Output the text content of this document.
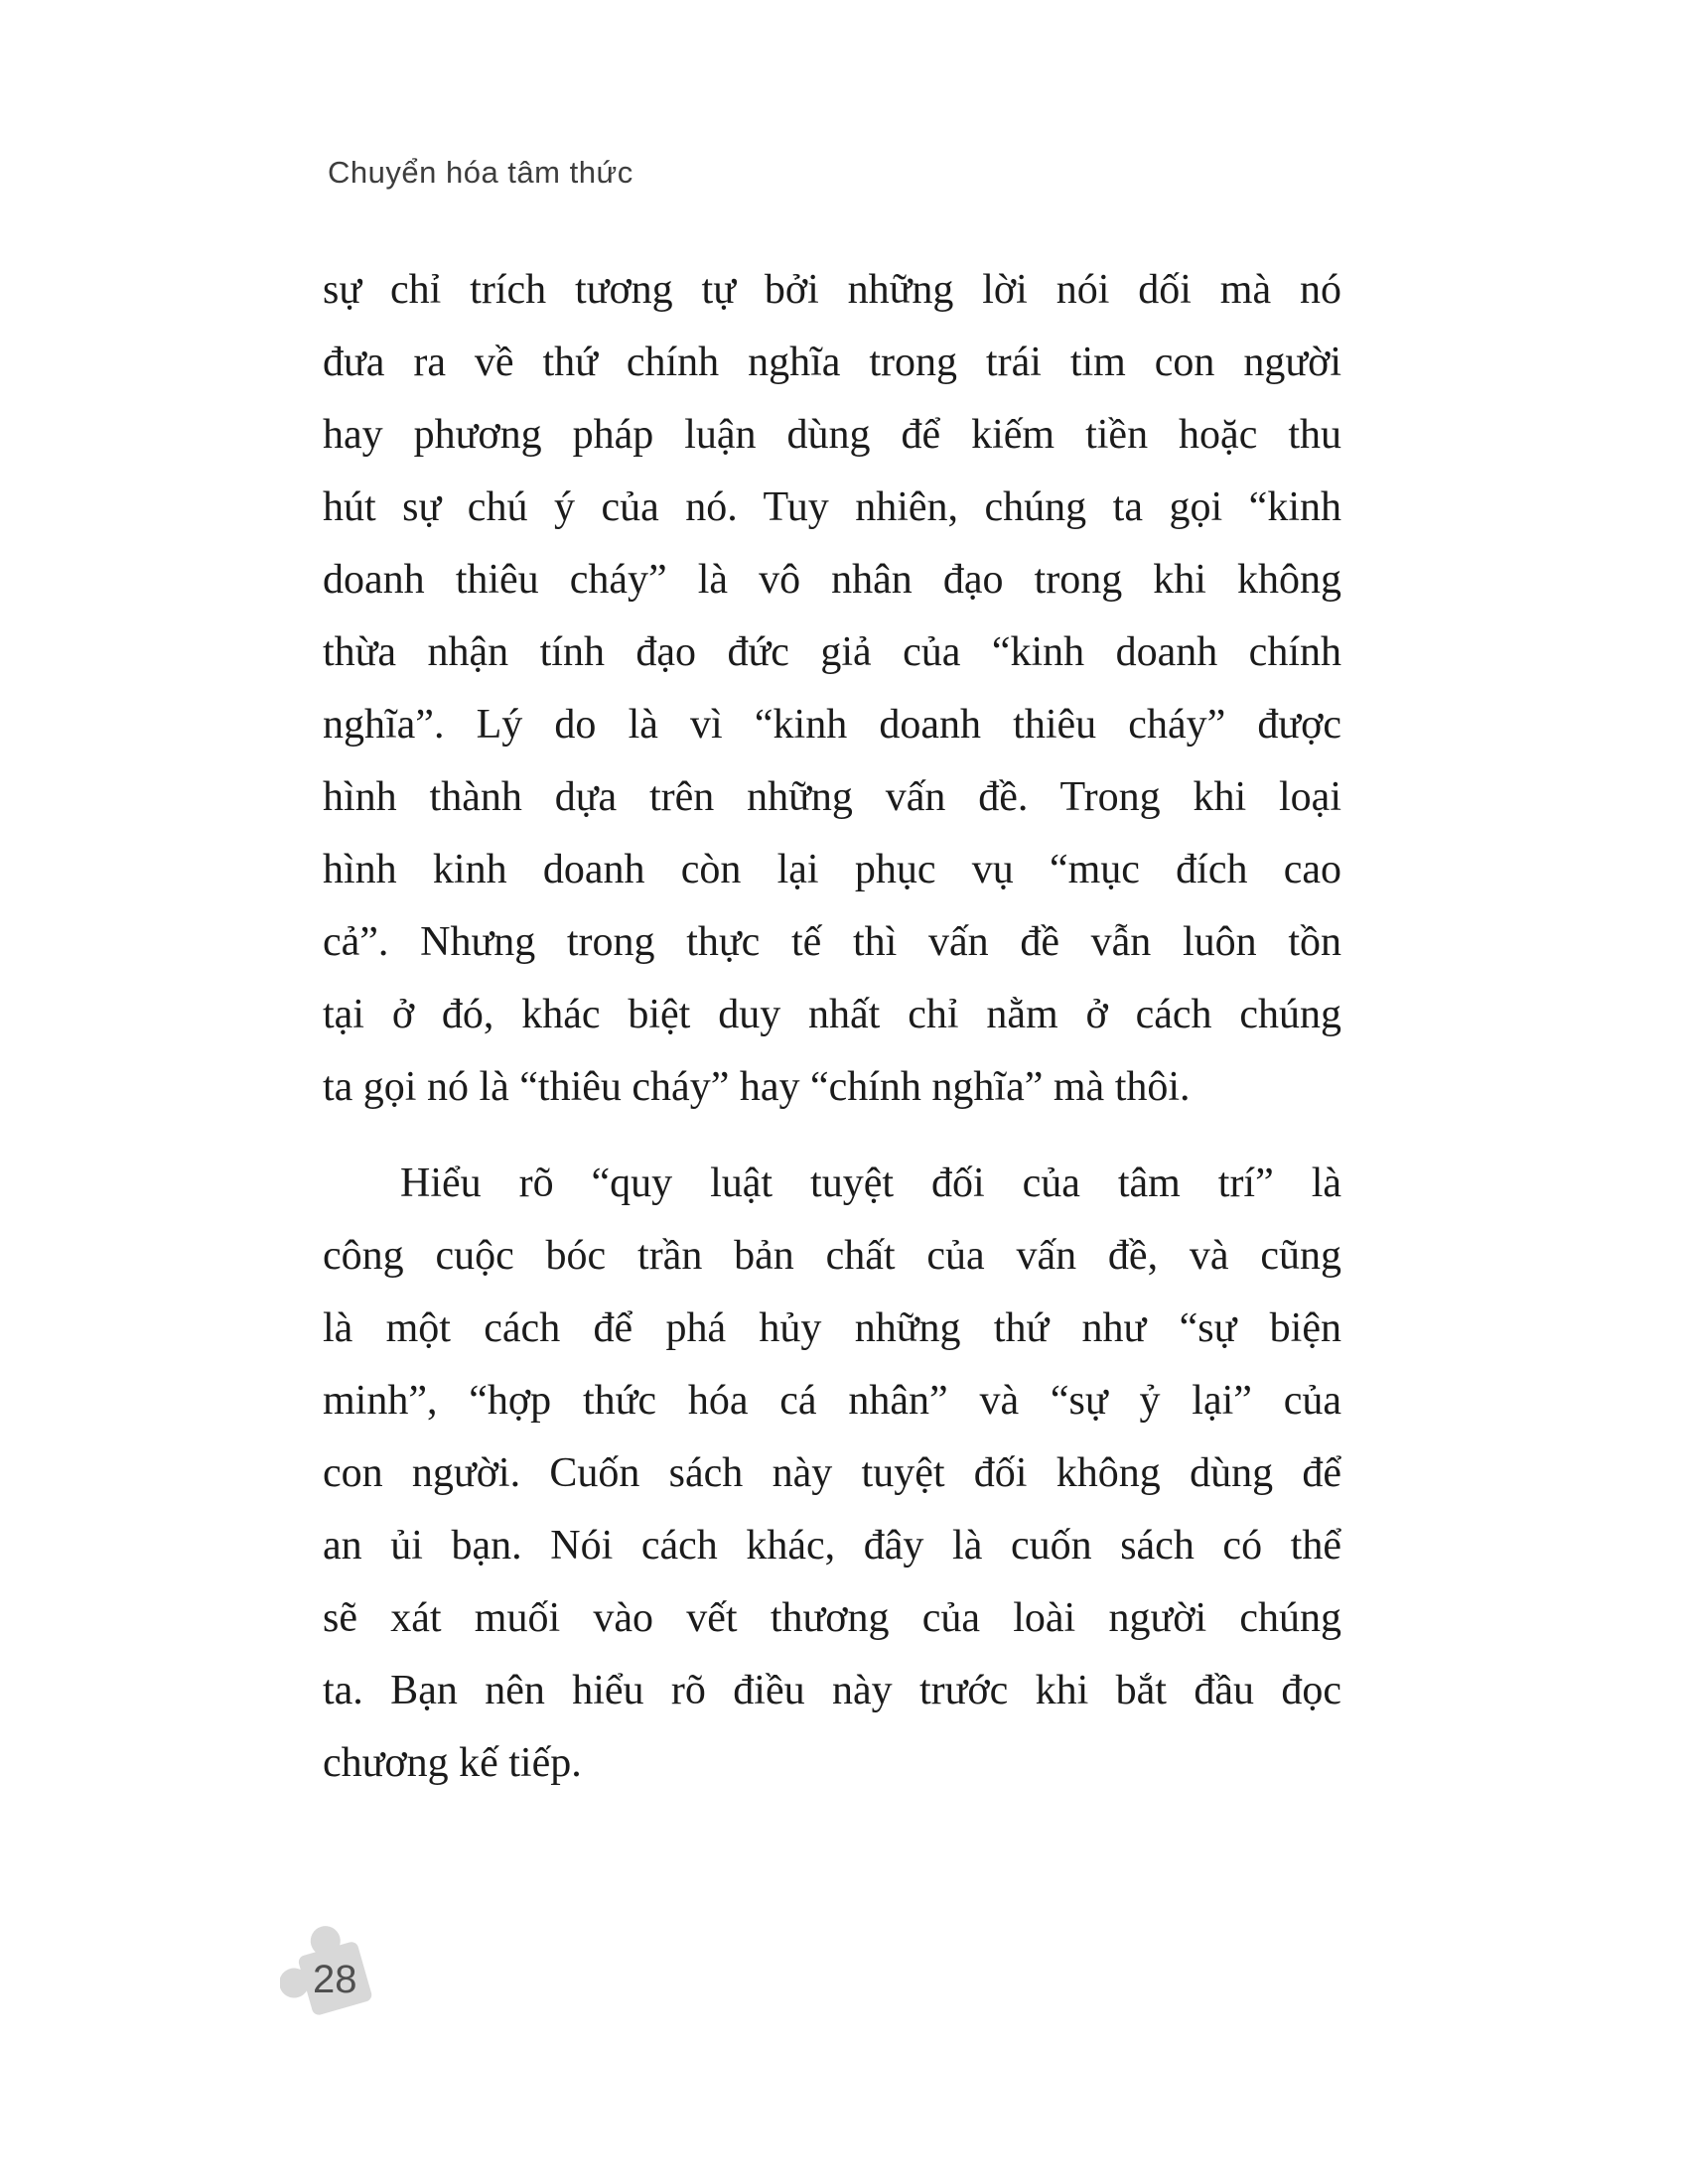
Chuyển hóa tâm thức
sự chỉ trích tương tự bởi những lời nói dối mà nó
đưa ra về thứ chính nghĩa trong trái tim con người
hay phương pháp luận dùng để kiếm tiền hoặc thu
hút sự chú ý của nó. Tuy nhiên, chúng ta gọi “kinh
doanh thiêu cháy” là vô nhân đạo trong khi không
thừa nhận tính đạo đức giả của “kinh doanh chính
nghĩa”. Lý do là vì “kinh doanh thiêu cháy” được
hình thành dựa trên những vấn đề. Trong khi loại
hình kinh doanh còn lại phục vụ “mục đích cao
cả”. Nhưng trong thực tế thì vấn đề vẫn luôn tồn
tại ở đó, khác biệt duy nhất chỉ nằm ở cách chúng
ta gọi nó là “thiêu cháy” hay “chính nghĩa” mà thôi.
Hiểu rõ “quy luật tuyệt đối của tâm trí” là
công cuộc bóc trần bản chất của vấn đề, và cũng
là một cách để phá hủy những thứ như “sự biện
minh”, “hợp thức hóa cá nhân” và “sự ỷ lại” của
con người. Cuốn sách này tuyệt đối không dùng để
an ủi bạn. Nói cách khác, đây là cuốn sách có thể
sẽ xát muối vào vết thương của loài người chúng
ta. Bạn nên hiểu rõ điều này trước khi bắt đầu đọc
chương kế tiếp.
28
